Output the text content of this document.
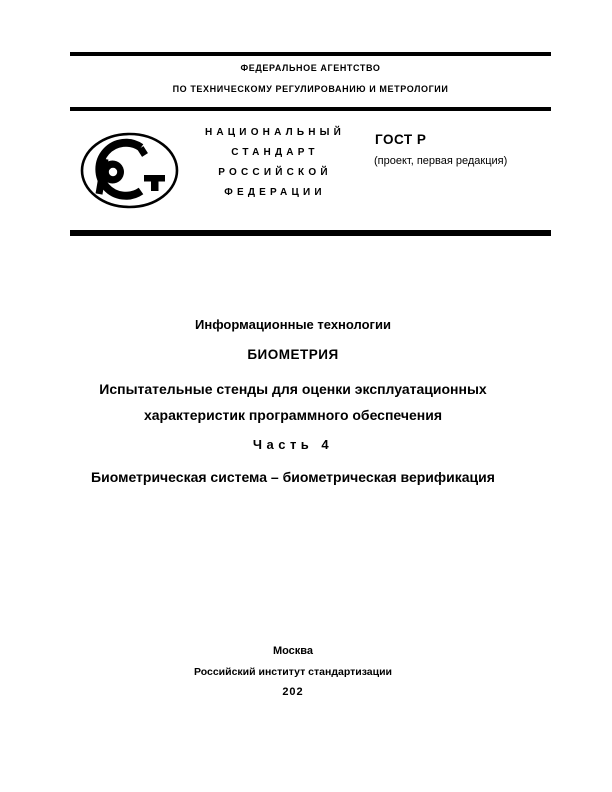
ФЕДЕРАЛЬНОЕ АГЕНТСТВО
ПО ТЕХНИЧЕСКОМУ РЕГУЛИРОВАНИЮ И МЕТРОЛОГИИ
НАЦИОНАЛЬНЫЙ
СТАНДАРТ
РОССИЙСКОЙ
ФЕДЕРАЦИИ
ГОСТ Р
(проект, первая редакция)
Информационные технологии
БИОМЕТРИЯ
Испытательные стенды для оценки эксплуатационных
характеристик программного обеспечения
Часть 4
Биометрическая система – биометрическая верификация
Москва
Российский институт стандартизации
202
